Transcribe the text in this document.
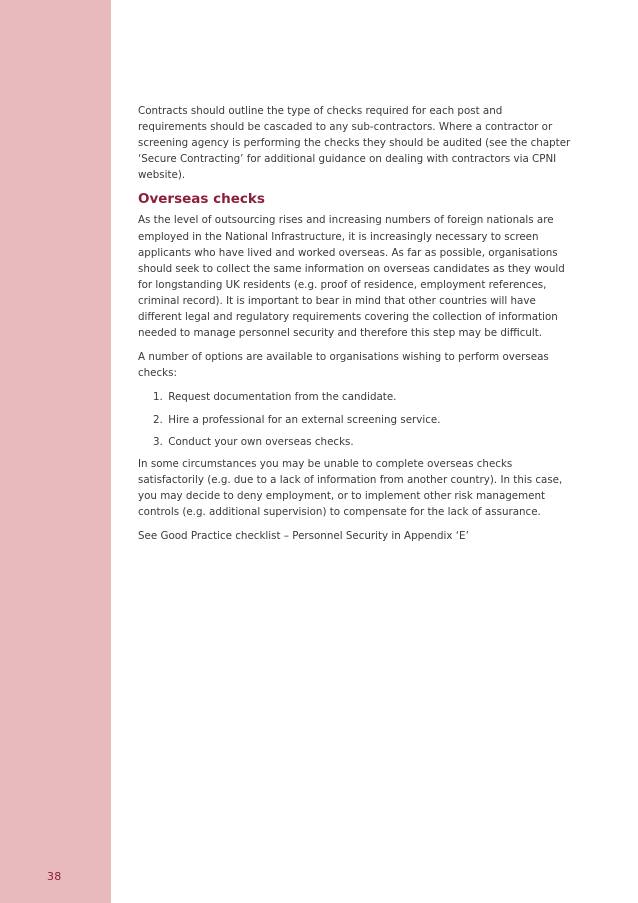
38

Contracts should outline the type of checks required for each post and requirements should be cascaded to any sub-contractors. Where a contractor or screening agency is performing the checks they should be audited (see the chapter ‘Secure Contracting’ for additional guidance on dealing with contractors via CPNI website).

Overseas checks

As the level of outsourcing rises and increasing numbers of foreign nationals are employed in the National Infrastructure, it is increasingly necessary to screen applicants who have lived and worked overseas. As far as possible, organisations should seek to collect the same information on overseas candidates as they would for longstanding UK residents (e.g. proof of residence, employment references, criminal record). It is important to bear in mind that other countries will have different legal and regulatory requirements covering the collection of information needed to manage personnel security and therefore this step may be difficult.

A number of options are available to organisations wishing to perform overseas checks:

1. Request documentation from the candidate.
2. Hire a professional for an external screening service.
3. Conduct your own overseas checks.

In some circumstances you may be unable to complete overseas checks satisfactorily (e.g. due to a lack of information from another country). In this case, you may decide to deny employment, or to implement other risk management controls (e.g. additional supervision) to compensate for the lack of assurance.

See Good Practice checklist – Personnel Security in Appendix ‘E’
